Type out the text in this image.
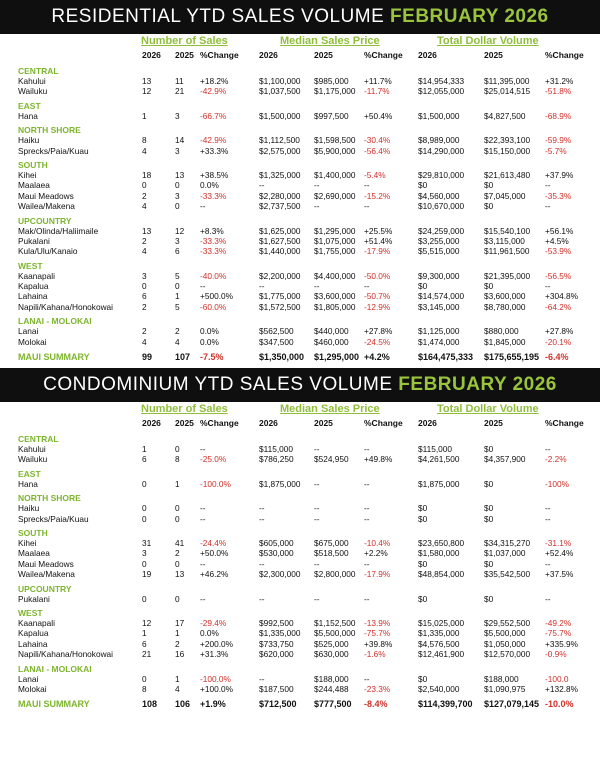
RESIDENTIAL YTD SALES VOLUME FEBRUARY 2026
Number of Sales	Median Sales Price	Total Dollar Volume
2026 2025 %Change 2026	2025	%Change 2026	2025	%Change
CENTRAL
Kahului	13	11 +18.2%	$1,100,000 $985,000 +11.7%	$14,954,333 $11,395,000 +31.2%
Wailuku	12	21 -42.9%	$1,037,500 $1,175,000 -11.7%	$12,055,000 $25,014,515 -51.8%
EAST
Hana	1	3 -66.7%	$1,500,000 $997,500 +50.4%	$1,500,000	$4,827,500 -68.9%
NORTH SHORE
Haiku	8	14 -42.9%	$1,112,500 $1,598,500 -30.4%	$8,989,000	$22,393,100 -59.9%
Sprecks/Paia/Kuau	4	3 +33.3%	$2,575,000 $5,900,000 -56.4%	$14,290,000 $15,150,000 -5.7%
SOUTH
Kihei	18	13 +38.5%	$1,325,000 $1,400,000 -5.4%	$29,810,000 $21,613,480 +37.9%
Maalaea	0	0 0.0%	--	--	--	$0	$0	--
Maui Meadows	2	3 -33.3%	$2,280,000 $2,690,000 -15.2%	$4,560,000	$7,045,000 -35.3%
Wailea/Makena	4	0 --	$2,737,500 --	--	$10,670,000 $0	--
UPCOUNTRY
Mak/Olinda/Haliimaile	13	12 +8.3%	$1,625,000 $1,295,000 +25.5%	$24,259,000 $15,540,100 +56.1%
Pukalani	2	3 -33.3%	$1,627,500 $1,075,000 +51.4%	$3,255,000	$3,115,000 +4.5%
Kula/Ulu/Kanaio	4	6 -33.3%	$1,440,000 $1,755,000 -17.9%	$5,515,000	$11,961,500 -53.9%
WEST
Kaanapali	3	5 -40.0%	$2,200,000 $4,400,000 -50.0%	$9,300,000	$21,395,000 -56.5%
Kapalua	0	0 --	--	--	--	$0	$0	--
Lahaina	6	1 +500.0%	$1,775,000 $3,600,000 -50.7%	$14,574,000 $3,600,000 +304.8%
Napili/Kahana/Honokowai	2	5 -60.0%	$1,572,500 $1,805,000 -12.9%	$3,145,000	$8,780,000 -64.2%
LANAI - MOLOKAI
Lanai	2	2 0.0%	$562,500 $440,000 +27.8%	$1,125,000	$880,000	+27.8%
Molokai	4	4 0.0%	$347,500 $460,000 -24.5%	$1,474,000	$1,845,000 -20.1%
MAUI SUMMARY	99	107 -7.5%	$1,350,000 $1,295,000 +4.2%	$164,475,333 $175,655,195 -6.4%
CONDOMINIUM YTD SALES VOLUME FEBRUARY 2026
Number of Sales	Median Sales Price	Total Dollar Volume
2026 2025 %Change 2026	2025	%Change 2026	2025	%Change
CENTRAL
Kahului	1	0 --	$115,000	--	--	$115,000	$0	--
Wailuku	6	8 -25.0%	$786,250 $524,950 +49.8%	$4,261,500	$4,357,900 -2.2%
EAST
Hana	0	1 -100.0%	$1,875,000 --	--	$1,875,000	$0	-100%
NORTH SHORE
Haiku	0	0 --	--	--	--	$0	$0	--
Sprecks/Paia/Kuau	0	0 --	--	--	--	$0	$0	--
SOUTH
Kihei	31	41 -24.4%	$605,000 $675,000 -10.4%	$23,650,800 $34,315,270 -31.1%
Maalaea	3	2 +50.0%	$530,000 $518,500 +2.2%	$1,580,000	$1,037,000 +52.4%
Maui Meadows	0	0 --	--	--	--	$0	$0	--
Wailea/Makena	19	13 +46.2%	$2,300,000 $2,800,000 -17.9%	$48,854,000 $35,542,500 +37.5%
UPCOUNTRY
Pukalani	0	0 --	--	--	--	$0	$0	--
WEST
Kaanapali	12	17 -29.4%	$992,500 $1,152,500 -13.9%	$15,025,000 $29,552,500 -49.2%
Kapalua	1	1 0.0%	$1,335,000 $5,500,000 -75.7%	$1,335,000	$5,500,000 -75.7%
Lahaina	6	2 +200.0%	$733,750 $525,000 +39.8%	$4,576,500	$1,050,000 +335.9%
Napili/Kahana/Honokowai	21	16 +31.3%	$620,000 $630,000 -1.6%	$12,461,900 $12,570,000 -0.9%
LANAI - MOLOKAI
Lanai	0	1 -100.0%	--	$188,000 --	$0	$188,000	-100.0
Molokai	8	4 +100.0%	$187,500 $244,488 -23.3%	$2,540,000	$1,090,975 +132.8%
MAUI SUMMARY	108 106 +1.9%	$712,500 $777,500 -8.4%	$114,399,700 $127,079,145 -10.0%
